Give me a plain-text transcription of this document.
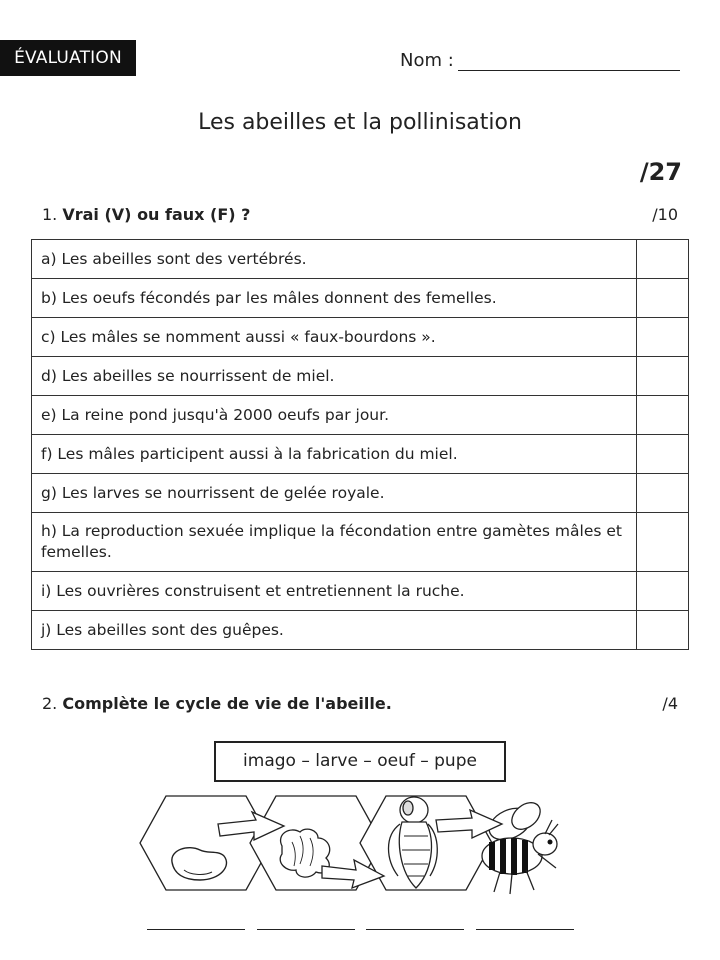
ÉVALUATION	Nom :
Les abeilles et la pollinisation
/27
1. Vrai (V) ou faux (F) ?	/10
a) Les abeilles sont des vertébrés.	
b) Les oeufs fécondés par les mâles donnent des femelles.	
c) Les mâles se nomment aussi « faux-bourdons ».	
d) Les abeilles se nourrissent de miel.	
e) La reine pond jusqu'à 2000 oeufs par jour.	
f) Les mâles participent aussi à la fabrication du miel.	
g) Les larves se nourrissent de gelée royale.	
h) La reproduction sexuée implique la fécondation entre gamètes mâles et femelles.	
i) Les ouvrières construisent et entretiennent la ruche.	
j) Les abeilles sont des guêpes.	
2. Complète le cycle de vie de l'abeille.	/4
imago – larve – oeuf – pupe
